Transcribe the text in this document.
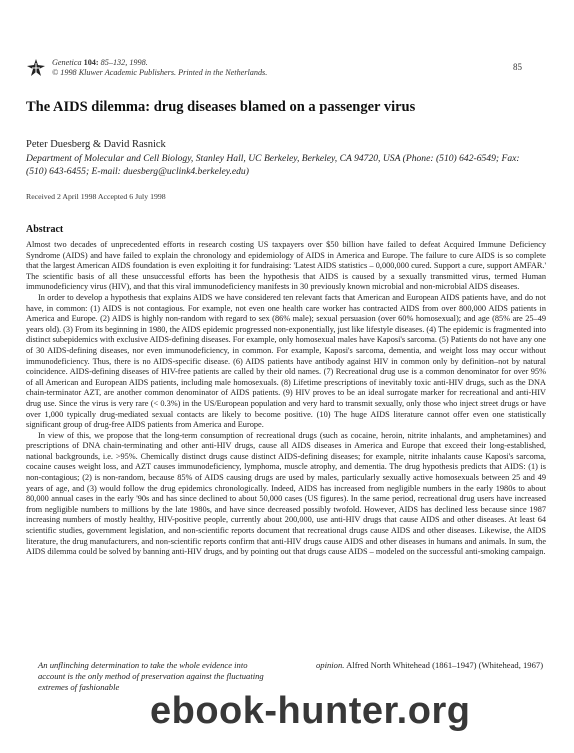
Genetica 104: 85–132, 1998.
© 1998 Kluwer Academic Publishers. Printed in the Netherlands.
85
The AIDS dilemma: drug diseases blamed on a passenger virus
Peter Duesberg & David Rasnick
Department of Molecular and Cell Biology, Stanley Hall, UC Berkeley, Berkeley, CA 94720, USA (Phone: (510) 642-6549; Fax: (510) 643-6455; E-mail: duesberg@uclink4.berkeley.edu)
Received 2 April 1998 Accepted 6 July 1998
Abstract

Almost two decades of unprecedented efforts in research costing US taxpayers over $50 billion have failed to defeat Acquired Immune Deficiency Syndrome (AIDS) and have failed to explain the chronology and epidemiology of AIDS in America and Europe. The failure to cure AIDS is so complete that the largest American AIDS foundation is even exploiting it for fundraising: 'Latest AIDS statistics – 0,000,000 cured. Support a cure, support AMFAR.' The scientific basis of all these unsuccessful efforts has been the hypothesis that AIDS is caused by a sexually transmitted virus, termed Human immunodeficiency virus (HIV), and that this viral immunodeficiency manifests in 30 previously known microbial and non-microbial AIDS diseases.

In order to develop a hypothesis that explains AIDS we have considered ten relevant facts that American and European AIDS patients have, and do not have, in common: (1) AIDS is not contagious. For example, not even one health care worker has contracted AIDS from over 800,000 AIDS patients in America and Europe. (2) AIDS is highly non-random with regard to sex (86% male); sexual persuasion (over 60% homosexual); and age (85% are 25–49 years old). (3) From its beginning in 1980, the AIDS epidemic progressed non-exponentially, just like lifestyle diseases. (4) The epidemic is fragmented into distinct subepidemics with exclusive AIDS-defining diseases. For example, only homosexual males have Kaposi's sarcoma. (5) Patients do not have any one of 30 AIDS-defining diseases, nor even immunodeficiency, in common. For example, Kaposi's sarcoma, dementia, and weight loss may occur without immunodeficiency. Thus, there is no AIDS-specific disease. (6) AIDS patients have antibody against HIV in common only by definition–not by natural coincidence. AIDS-defining diseases of HIV-free patients are called by their old names. (7) Recreational drug use is a common denominator for over 95% of all American and European AIDS patients, including male homosexuals. (8) Lifetime prescriptions of inevitably toxic anti-HIV drugs, such as the DNA chain-terminator AZT, are another common denominator of AIDS patients. (9) HIV proves to be an ideal surrogate marker for recreational and anti-HIV drug use. Since the virus is very rare (< 0.3%) in the US/European population and very hard to transmit sexually, only those who inject street drugs or have over 1,000 typically drug-mediated sexual contacts are likely to become positive. (10) The huge AIDS literature cannot offer even one statistically significant group of drug-free AIDS patients from America and Europe.

In view of this, we propose that the long-term consumption of recreational drugs (such as cocaine, heroin, nitrite inhalants, and amphetamines) and prescriptions of DNA chain-terminating and other anti-HIV drugs, cause all AIDS diseases in America and Europe that exceed their long-established, national backgrounds, i.e. >95%. Chemically distinct drugs cause distinct AIDS-defining diseases; for example, nitrite inhalants cause Kaposi's sarcoma, cocaine causes weight loss, and AZT causes immunodeficiency, lymphoma, muscle atrophy, and dementia. The drug hypothesis predicts that AIDS: (1) is non-contagious; (2) is non-random, because 85% of AIDS causing drugs are used by males, particularly sexually active homosexuals between 25 and 49 years of age, and (3) would follow the drug epidemics chronologically. Indeed, AIDS has increased from negligible numbers in the early 1980s to about 80,000 annual cases in the early '90s and has since declined to about 50,000 cases (US figures). In the same period, recreational drug users have increased from negligible numbers to millions by the late 1980s, and have since decreased possibly twofold. However, AIDS has declined less because since 1987 increasing numbers of mostly healthy, HIV-positive people, currently about 200,000, use anti-HIV drugs that cause AIDS and other diseases. At least 64 scientific studies, government legislation, and non-scientific reports document that recreational drugs cause AIDS and other diseases. Likewise, the AIDS literature, the drug manufacturers, and non-scientific reports confirm that anti-HIV drugs cause AIDS and other diseases in humans and animals. In sum, the AIDS dilemma could be solved by banning anti-HIV drugs, and by pointing out that drugs cause AIDS – modeled on the successful anti-smoking campaign.

An unflinching determination to take the whole evidence into account is the only method of preservation against the fluctuating extremes of fashionable
opinion. Alfred North Whitehead (1861–1947) (Whitehead, 1967)
ebook-hunter.org
